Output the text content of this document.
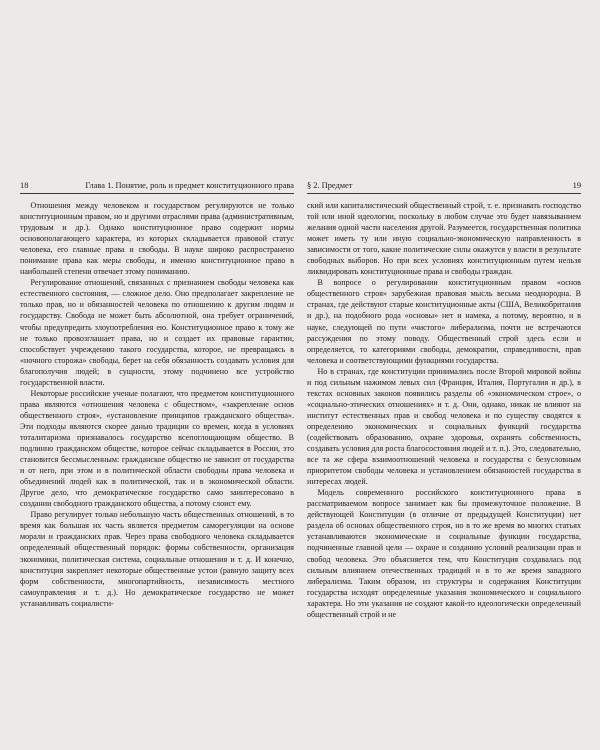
18	Глава 1. Понятие, роль и предмет конституционного права

Отношения между человеком и государством регулируются не только конституционным правом, но и другими отраслями права (административным, трудовым и др.). Однако конституционное право содержит нормы основополагающего характера, из которых складывается правовой статус человека, его главные права и свободы. В науке широко распространено понимание права как меры свободы, и именно конституционное право в наибольшей степени отвечает этому пониманию.

Регулирование отношений, связанных с признанием свободы человека как естественного состояния, — сложное дело. Оно предполагает закрепление не только прав, но и обязанностей человека по отношению к другим людям и государству. Свобода не может быть абсолютной, она требует ограничений, чтобы предупредить злоупотребления ею. Конституционное право к тому же не только провозглашает права, но и создает их правовые гарантии, способствует учреждению такого государства, которое, не превращаясь в «ночного сторожа» свободы, берет на себя обязанность создавать условия для благополучия людей; в сущности, этому подчинено все устройство государственной власти.

Некоторые российские ученые полагают, что предметом конституционного права являются «отношения человека с обществом», «закрепление основ общественного строя», «установление принципов гражданского общества». Эти подходы являются скорее данью традиции со времен, когда в условиях тоталитаризма признавалось государство всепоглощающим общество. В подлинно гражданском обществе, которое сейчас складывается в России, это становится бессмысленным: гражданское общество не зависит от государства и от него, при этом и в политической области свободны права человека и объединений людей как в политической, так и в экономической области. Другое дело, что демократическое государство само заинтересовано в создании свободного гражданского общества, а потому слоист ему.

Право регулирует только небольшую часть общественных отношений, в то время как большая их часть является предметом саморегуляции на основе морали и гражданских прав. Через права свободного человека складывается определенный общественный порядок: формы собственности, организация экономики, политическая система, социальные отношения и т. д. И конечно, конституция закрепляет некоторые общественные устои (равную защиту всех форм собственности, многопартийность, независимость местного самоуправления и т. д.). Но демократическое государство не может устанавливать социалисти-

§ 2. Предмет	19

ский или капиталистический общественный строй, т. е. признавать господство той или иной идеологии, поскольку в любом случае это будет навязыванием желания одной части населения другой. Разумеется, государственная политика может иметь ту или иную социально-экономическую направленность в зависимости от того, какие политические силы окажутся у власти в результате свободных выборов. Но при всех условиях конституционным путем нельзя ликвидировать конституционные права и свободы граждан.

В вопросе о регулировании конституционным правом «основ общественного строя» зарубежная правовая мысль весьма неоднородна. В странах, где действуют старые конституционные акты (США, Великобритания и др.), на подобного рода «основы» нет и намека, а потому, вероятно, и в науке, следующей по пути «чистого» либерализма, почти не встречаются рассуждения по этому поводу. Общественный строй здесь если и определяется, то категориями свободы, демократии, справедливости, прав человека и соответствующими функциями государства.

Но в странах, где конституции принимались после Второй мировой войны и под сильным нажимом левых сил (Франция, Италия, Португалия и др.), в текстах основных законов появились разделы об «экономическом строе», о «социально-этических отношениях» и т. д. Они, однако, никак не влияют на институт естественных прав и свобод человека и по существу сводятся к определению экономических и социальных функций государства (содействовать образованию, охране здоровья, охранять собственность, создавать условия для роста благосостояния людей и т. п.). Это, следовательно, все та же сфера взаимоотношений человека и государства с безусловным приоритетом свободы человека и установлением обязанностей государства в интересах людей.

Модель современного российского конституционного права в рассматриваемом вопросе занимает как бы промежуточное положение. В действующей Конституции (в отличие от предыдущей Конституции) нет раздела об основах общественного строя, но в то же время во многих статьях устанавливаются экономические и социальные функции государства, подчиненные главной цели — охране и созданию условий реализации прав и свобод человека. Это объясняется тем, что Конституция создавалась под сильным влиянием отечественных традиций и в то же время западного либерализма. Таким образом, из структуры и содержания Конституции государства исходят определенные указания экономического и социального характера. Но эти указания не создают какой-то идеологически определенный общественный строй и не
